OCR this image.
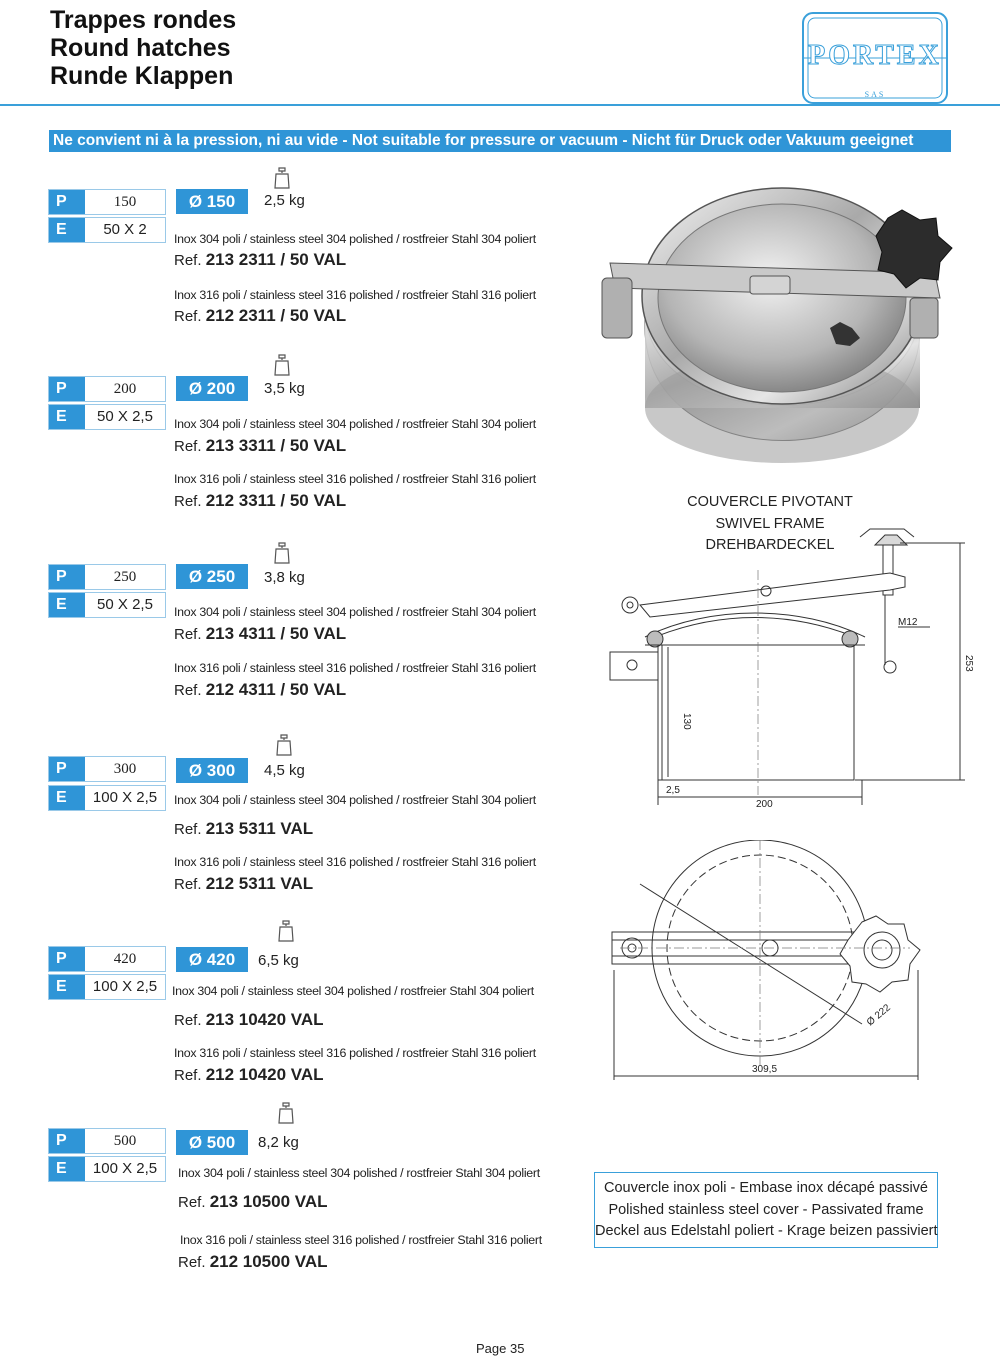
Trappes rondes
Round hatches
Runde Klappen
PORTEX
SAS
Ne convient ni à la pression, ni au vide - Not suitable for pressure or vacuum - Nicht für Druck oder Vakuum geeignet
P	150
E	50 X 2
Ø 150	2,5 kg
Inox 304 poli / stainless steel 304 polished / rostfreier Stahl 304 poliert
Ref. 213 2311 / 50 VAL
Inox 316 poli / stainless steel 316 polished / rostfreier Stahl 316 poliert
Ref. 212 2311 / 50 VAL
P	200
E	50 X 2,5
Ø 200	3,5 kg
Inox 304 poli / stainless steel 304 polished / rostfreier Stahl 304 poliert
Ref. 213 3311 / 50 VAL
Inox 316 poli / stainless steel 316 polished / rostfreier Stahl 316 poliert
Ref. 212 3311 / 50 VAL
P	250
E	50 X 2,5
Ø 250	3,8 kg
Inox 304 poli / stainless steel 304 polished / rostfreier Stahl 304 poliert
Ref. 213 4311 / 50 VAL
Inox 316 poli / stainless steel 316 polished / rostfreier Stahl 316 poliert
Ref. 212 4311 / 50 VAL
P	300
E	100 X 2,5
Ø 300	4,5 kg
Inox 304 poli / stainless steel 304 polished / rostfreier Stahl 304 poliert
Ref. 213 5311 VAL
Inox 316 poli / stainless steel 316 polished / rostfreier Stahl 316 poliert
Ref. 212 5311 VAL
P	420
E	100 X 2,5
Ø 420	6,5 kg
Inox 304 poli / stainless steel 304 polished / rostfreier Stahl 304 poliert
Ref. 213 10420 VAL
Inox 316 poli / stainless steel 316 polished / rostfreier Stahl 316 poliert
Ref. 212 10420 VAL
P	500
E	100 X 2,5
Ø 500	8,2 kg
Inox 304 poli / stainless steel 304 polished / rostfreier Stahl 304 poliert
Ref. 213 10500 VAL
Inox 316 poli / stainless steel 316 polished / rostfreier Stahl 316 poliert
Ref. 212 10500 VAL
COUVERCLE PIVOTANT
SWIVEL FRAME
DREHBARDECKEL
M12
253
130
2,5
200
Ø 222
309,5
Couvercle inox poli - Embase inox décapé passivé
Polished stainless steel cover - Passivated frame
Deckel aus Edelstahl poliert - Krage beizen passiviert
Page 35
